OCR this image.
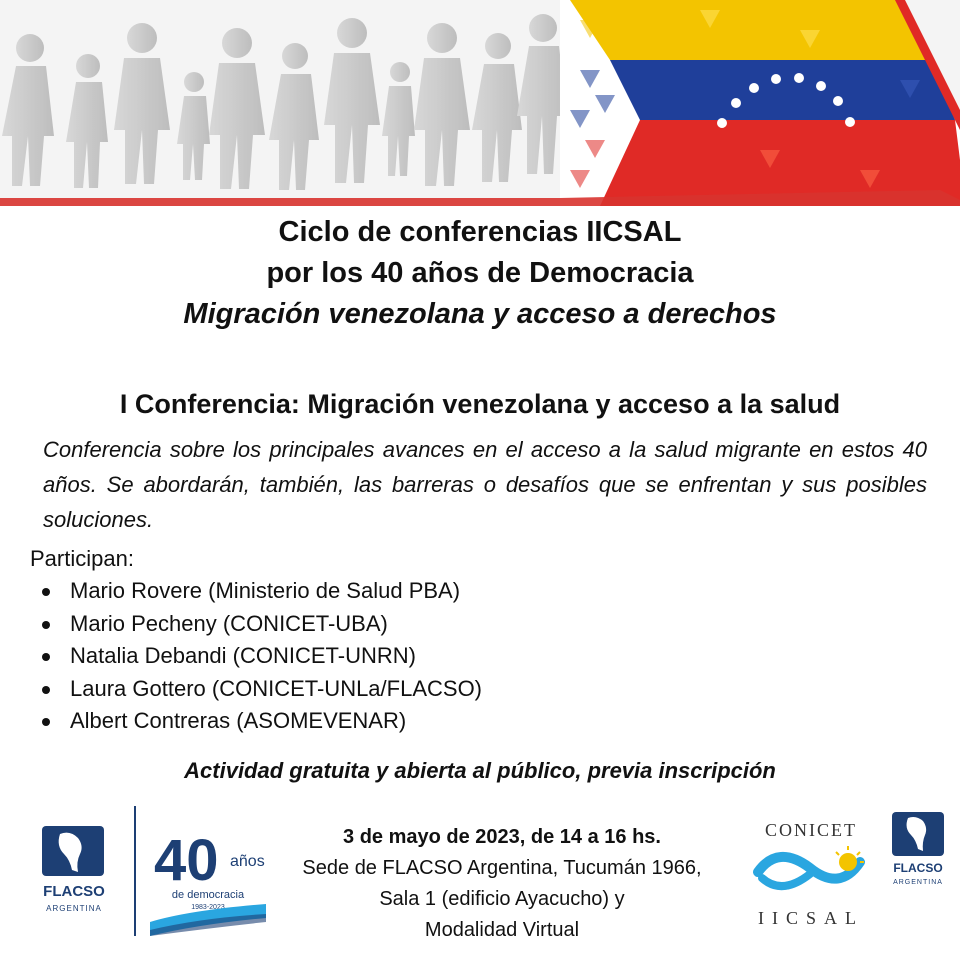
Ciclo de conferencias IICSAL
por los 40 años de Democracia
Migración venezolana y acceso a derechos
I Conferencia: Migración venezolana y acceso a la salud
Conferencia sobre los principales avances en el acceso a la salud migrante en estos 40 años. Se abordarán, también, las barreras o desafíos que se enfrentan y sus posibles soluciones.
Participan:
Mario Rovere (Ministerio de Salud PBA)
Mario Pecheny (CONICET-UBA)
Natalia Debandi (CONICET-UNRN)
Laura Gottero (CONICET-UNLa/FLACSO)
Albert Contreras (ASOMEVENAR)
Actividad gratuita y abierta al público, previa inscripción
FLACSO
ARGENTINA
40 años
de democracia
1983-2023
3 de mayo de 2023, de 14 a 16 hs.
Sede de FLACSO Argentina, Tucumán 1966,
Sala 1 (edificio Ayacucho) y
Modalidad Virtual
CONICET
IICSAL
FLACSO
ARGENTINA
